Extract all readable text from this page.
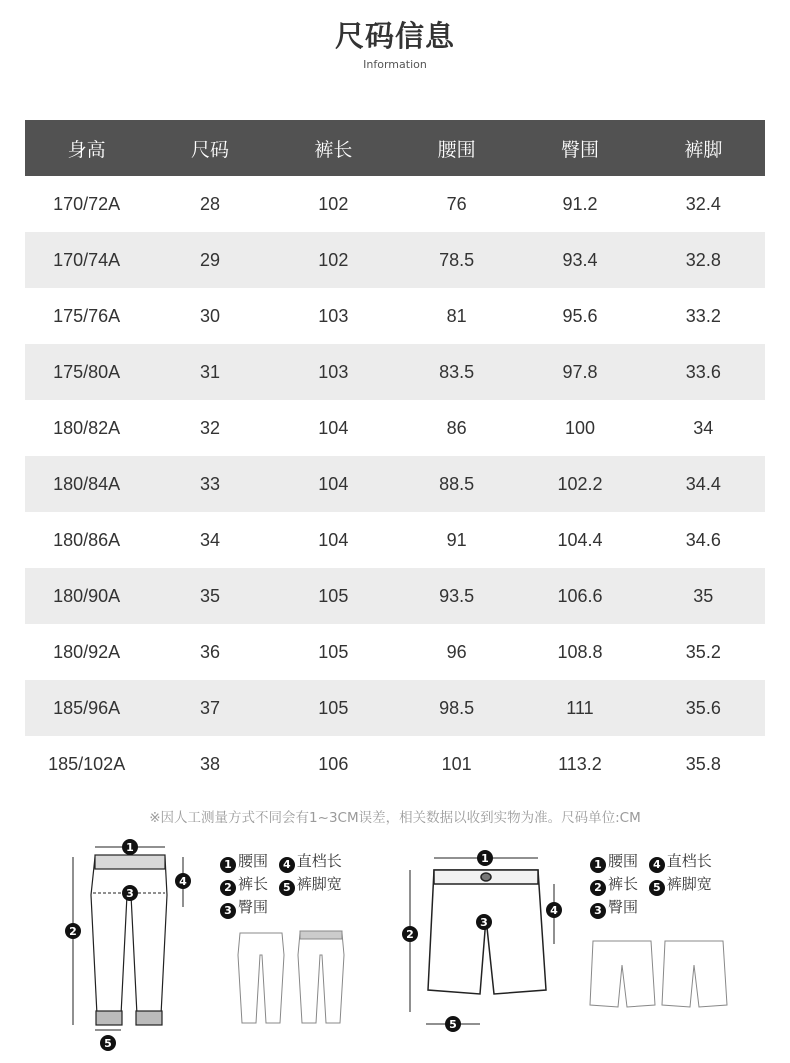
尺码信息
Information
身高	尺码	裤长	腰围	臀围	裤脚
170/72A	28	102	76	91.2	32.4
170/74A	29	102	78.5	93.4	32.8
175/76A	30	103	81	95.6	33.2
175/80A	31	103	83.5	97.8	33.6
180/82A	32	104	86	100	34
180/84A	33	104	88.5	102.2	34.4
180/86A	34	104	91	104.4	34.6
180/90A	35	105	93.5	106.6	35
180/92A	36	105	96	108.8	35.2
185/96A	37	105	98.5	111	35.6
185/102A	38	106	101	113.2	35.8
※因人工测量方式不同会有1~3CM误差，相关数据以收到实物为准。尺码单位:CM
1
2
3
4
5
1 腰围 4 直档长
2 裤长 5 裤脚宽
3 臀围
1
2
3
4
5
1 腰围 4 直档长
2 裤长 5 裤脚宽
3 臀围
